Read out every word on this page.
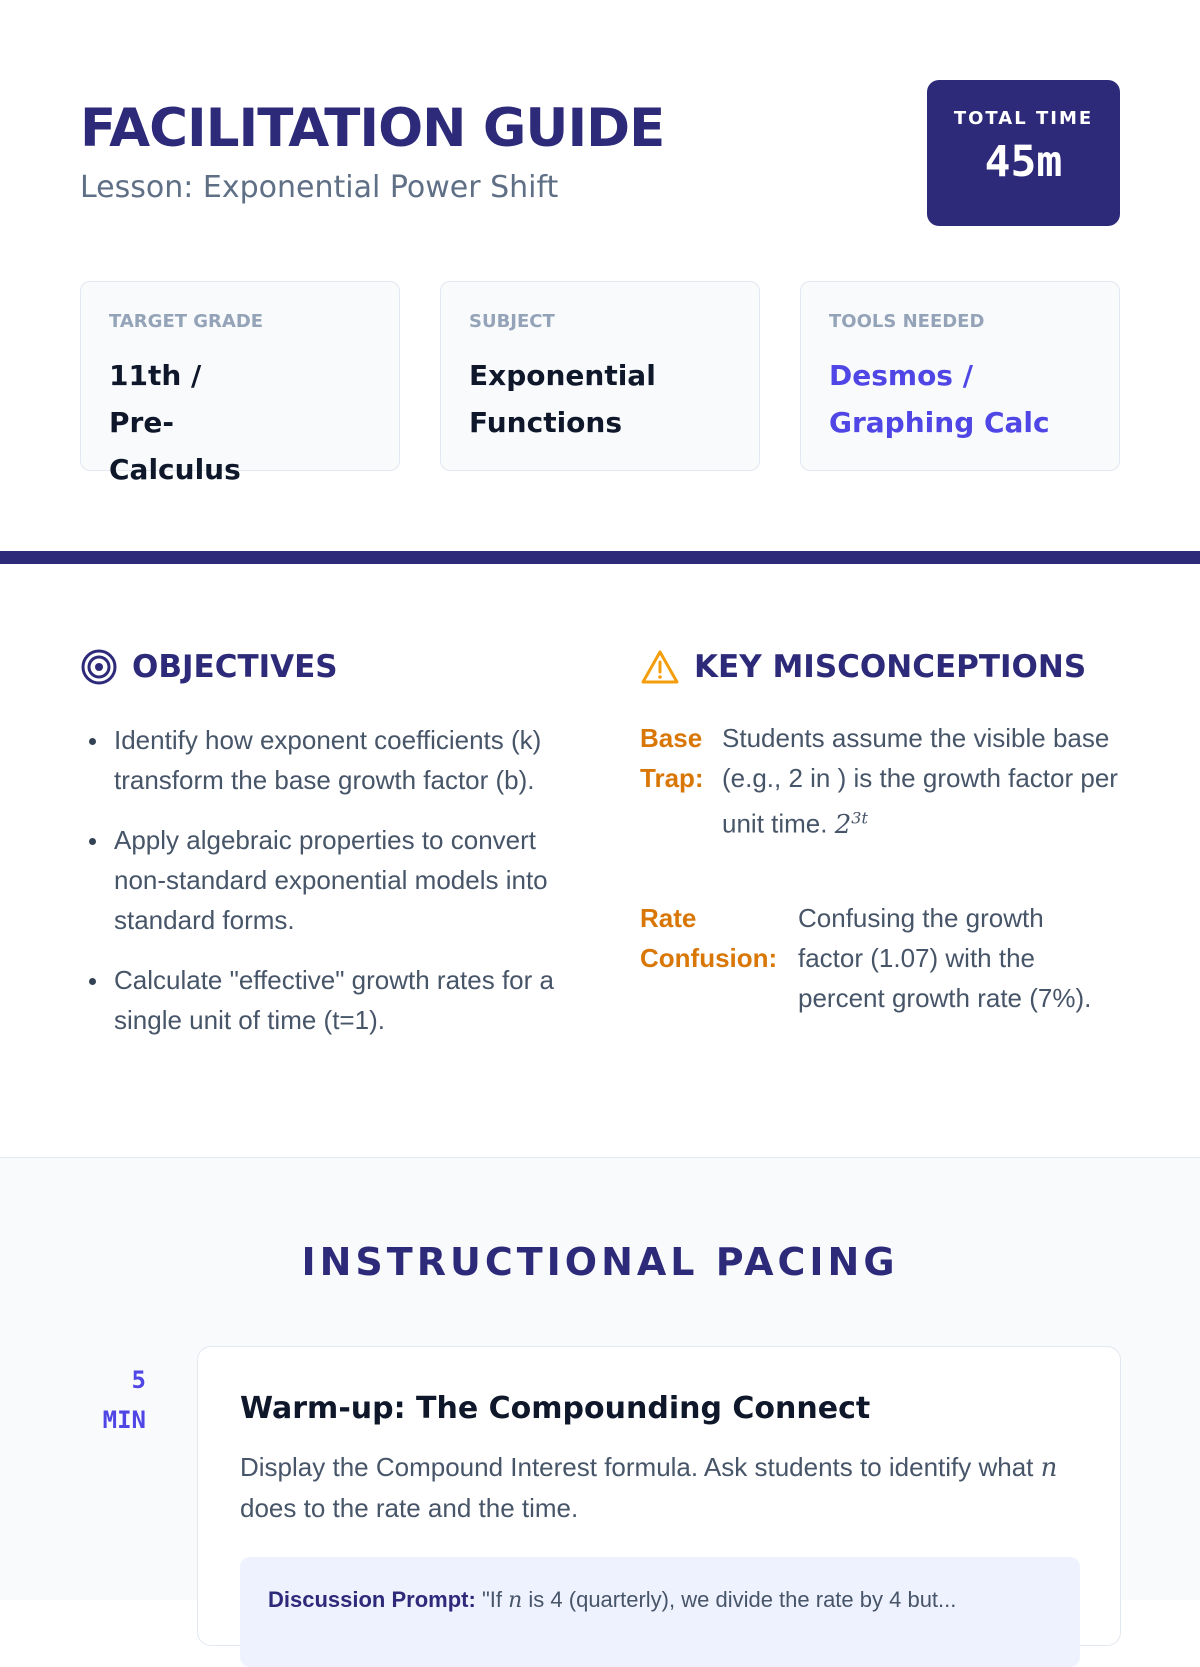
FACILITATION GUIDE
Lesson: Exponential Power Shift
TOTAL TIME
45m
TARGET GRADE
11th / Pre-Calculus
SUBJECT
Exponential Functions
TOOLS NEEDED
Desmos / Graphing Calc
OBJECTIVES
Identify how exponent coefficients (k) transform the base growth factor (b).
Apply algebraic properties to convert non-standard exponential models into standard forms.
Calculate "effective" growth rates for a single unit of time (t=1).
KEY MISCONCEPTIONS
Base Trap:
Students assume the visible base (e.g., 2 in ) is the growth factor per unit time. $2^{3t}$
Rate Confusion:
Confusing the growth factor (1.07) with the percent growth rate (7%).
INSTRUCTIONAL PACING
5
MIN	Warm-up: The Compounding Connect
Display the Compound Interest formula. Ask students to identify what n does to the rate and the time.
Discussion Prompt: "If n is 4 (quarterly), we divide the rate by 4 but...
